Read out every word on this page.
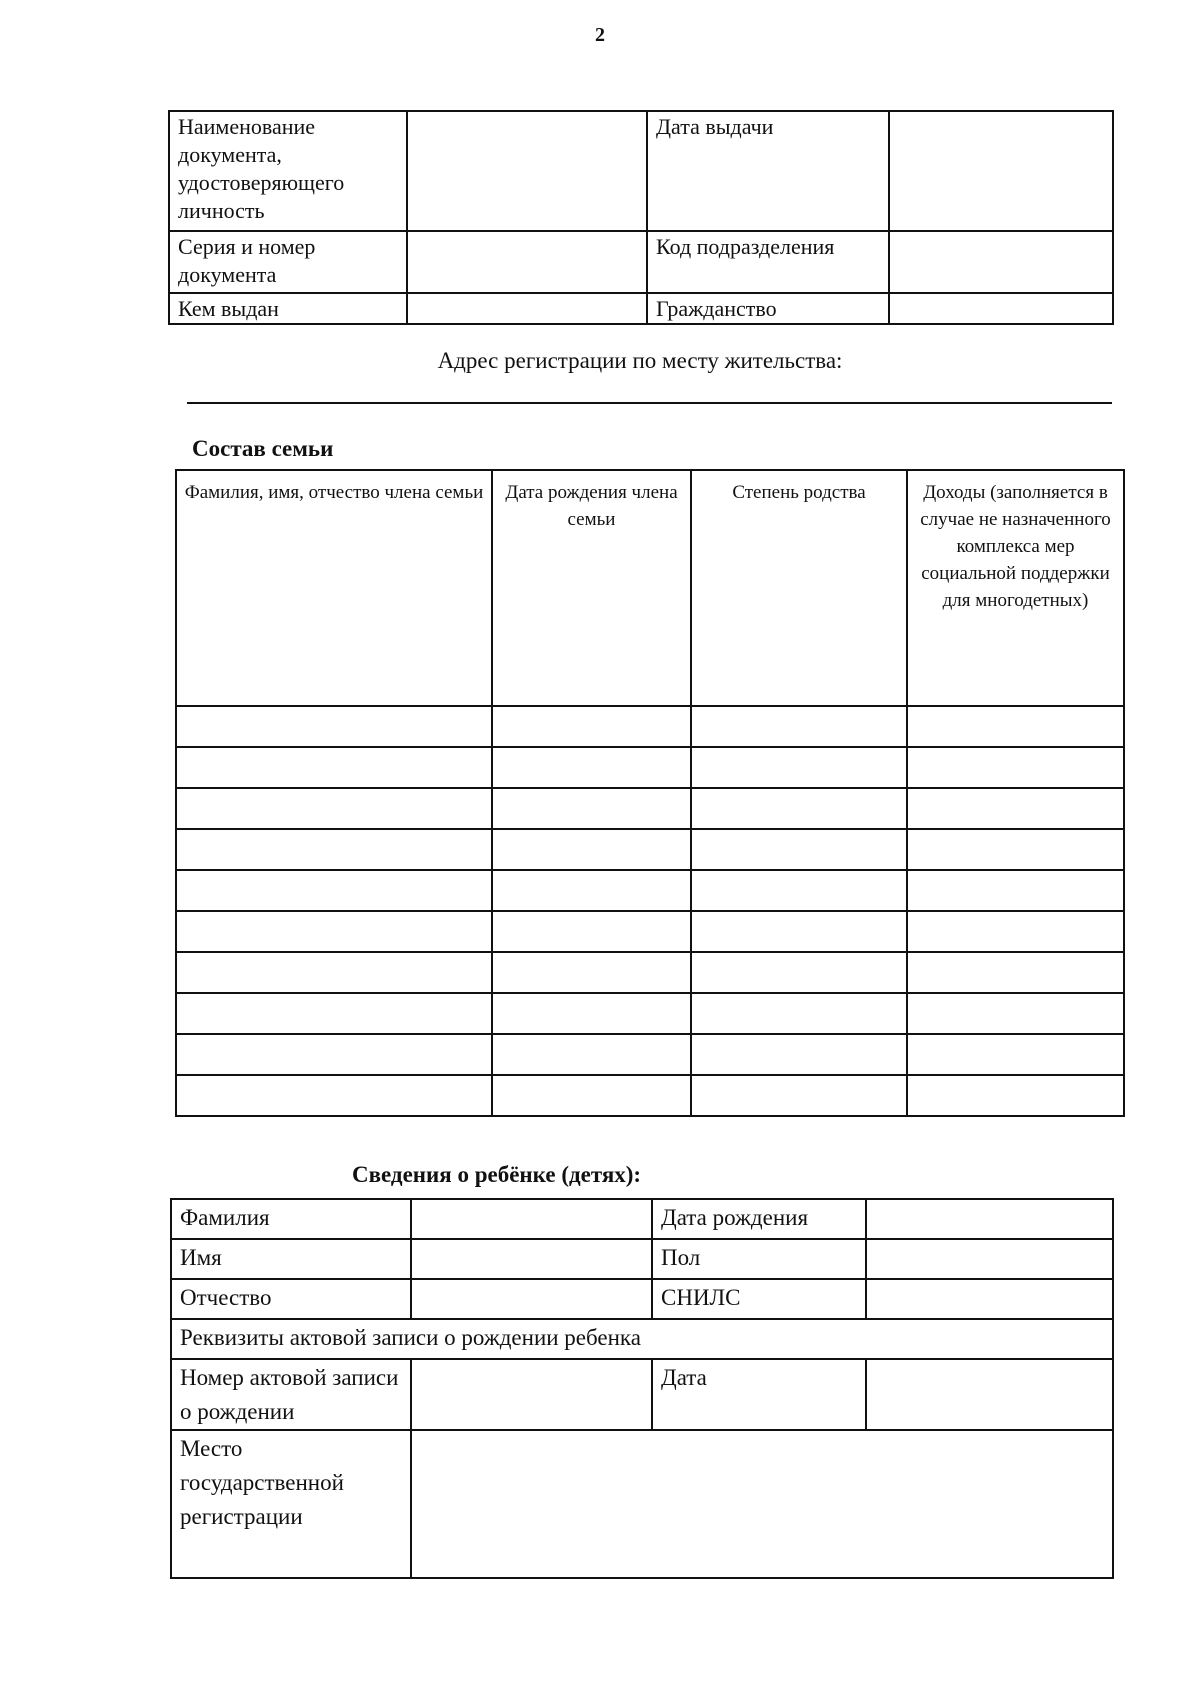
2
Наименование документа, удостоверяющего личность		Дата выдачи	
Серия и номер документа		Код подразделения	
Кем выдан		Гражданство	
Адрес регистрации по месту жительства:
Состав семьи
Фамилия, имя, отчество члена семьи	Дата рождения члена семьи	Степень родства	Доходы (заполняется в случае не назначенного комплекса мер социальной поддержки для многодетных)

Сведения о ребёнке (детях):
Фамилия		Дата рождения	
Имя		Пол	
Отчество		СНИЛС	
Реквизиты актовой записи о рождении ребенка			
Номер актовой записи о рождении		Дата	
Место государственной регистрации			
